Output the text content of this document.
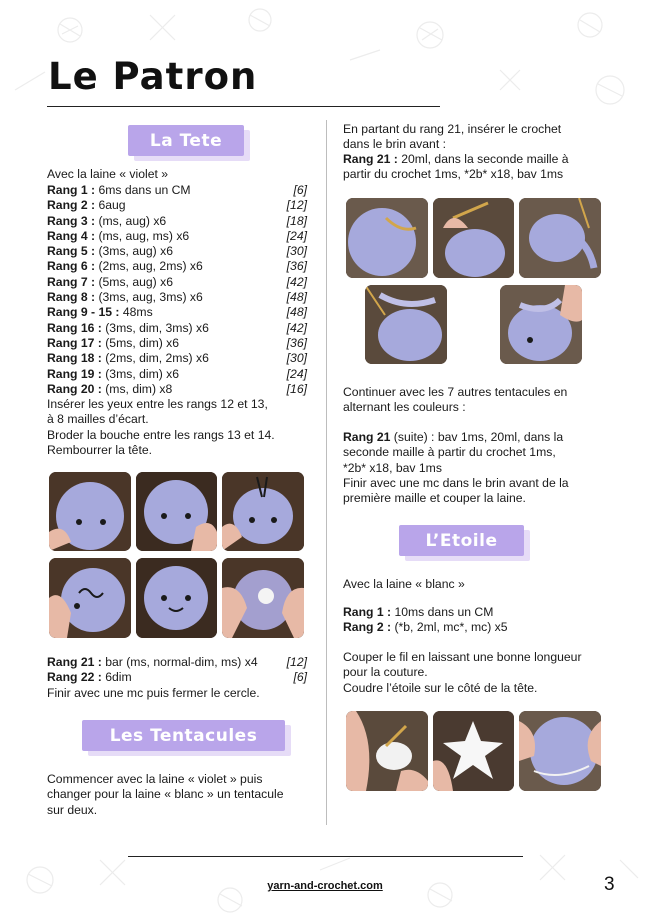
Le Patron
La Tete

Avec la laine « violet »

Rang 1 : 6ms dans un CM	[6]
Rang 2 : 6aug	[12]
Rang 3 : (ms, aug) x6	[18]
Rang 4 : (ms, aug, ms) x6	[24]
Rang 5 : (3ms, aug) x6	[30]
Rang 6 : (2ms, aug, 2ms) x6	[36]
Rang 7 : (5ms, aug) x6	[42]
Rang 8 : (3ms, aug, 3ms) x6	[48]
Rang 9 - 15 : 48ms	[48]
Rang 16 : (3ms, dim, 3ms) x6	[42]
Rang 17 : (5ms, dim) x6	[36]
Rang 18 : (2ms, dim, 2ms) x6	[30]
Rang 19 : (3ms, dim) x6	[24]
Rang 20 : (ms, dim) x8	[16]
Insérer les yeux entre les rangs 12 et 13,
à 8 mailles d’écart.
Broder la bouche entre les rangs 13 et 14.
Rembourrer la tête.
Rang 21 : bar (ms, normal-dim, ms) x4 [12]
Rang 22 : 6dim	[6]

Finir avec une mc puis fermer le cercle.

Les Tentacules
Commencer avec la laine « violet » puis
changer pour la laine « blanc » un tentacule
sur deux.
En partant du rang 21, insérer le crochet
dans le brin avant :
Rang 21 : 20ml, dans la seconde maille à
partir du crochet 1ms, *2b* x18, bav 1ms
Continuer avec les 7 autres tentacules en
alternant les couleurs :
Rang 21 (suite) : bav 1ms, 20ml, dans la
seconde maille à partir du crochet 1ms,
*2b* x18, bav 1ms
Finir avec une mc dans le brin avant de la
première maille et couper la laine.
L’Etoile

Avec la laine « blanc »

Rang 1 : 10ms dans un CM
Rang 2 : (*b, 2ml, mc*, mc) x5
Couper le fil en laissant une bonne longueur
pour la couture.
Coudre l’étoile sur le côté de la tête.
yarn-and-crochet.com	3
